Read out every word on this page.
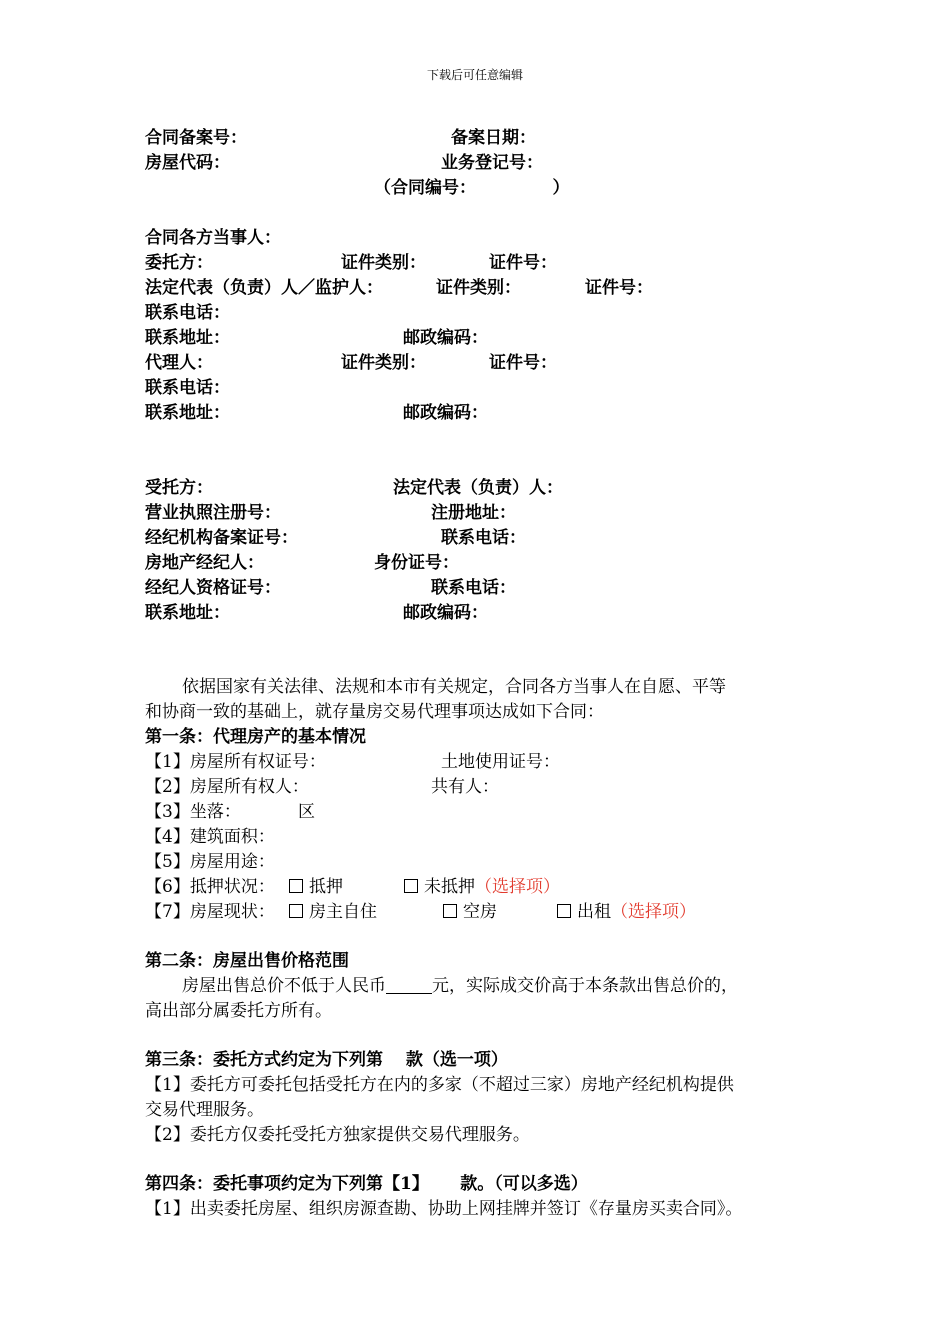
下载后可任意编辑
合同备案号：	备案日期：
房屋代码：	业务登记号：
（合同编号：　　　　　）
合同各方当事人：
委托方：	证件类别：	证件号：
法定代表（负责）人／监护人：	证件类别：	证件号：
联系电话：
联系地址：	邮政编码：
代理人：	证件类别：	证件号：
联系电话：
联系地址：	邮政编码：
受托方：	法定代表（负责）人：
营业执照注册号：	注册地址：
经纪机构备案证号：	联系电话：
房地产经纪人：	身份证号：
经纪人资格证号：	联系电话：
联系地址：	邮政编码：
依据国家有关法律、法规和本市有关规定，合同各方当事人在自愿、平等
和协商一致的基础上，就存量房交易代理事项达成如下合同：
第一条：代理房产的基本情况
【1】房屋所有权证号：	土地使用证号：
【2】房屋所有权人：	共有人：
【3】坐落：	区
【4】建筑面积：
【5】房屋用途：
【6】抵押状况：	抵押	未抵押（选择项）
【7】房屋现状：	房主自住	空房	出租（选择项）
第二条：房屋出售价格范围
房屋出售总价不低于人民币	元，实际成交价高于本条款出售总价的，
高出部分属委托方所有。
第三条：委托方式约定为下列第　 款（选一项）
【1】委托方可委托包括受托方在内的多家（不超过三家）房地产经纪机构提供
交易代理服务。
【2】委托方仅委托受托方独家提供交易代理服务。
第四条：委托事项约定为下列第【1】　　 款。（可以多选）
【1】出卖委托房屋、组织房源查勘、协助上网挂牌并签订《存量房买卖合同》。
